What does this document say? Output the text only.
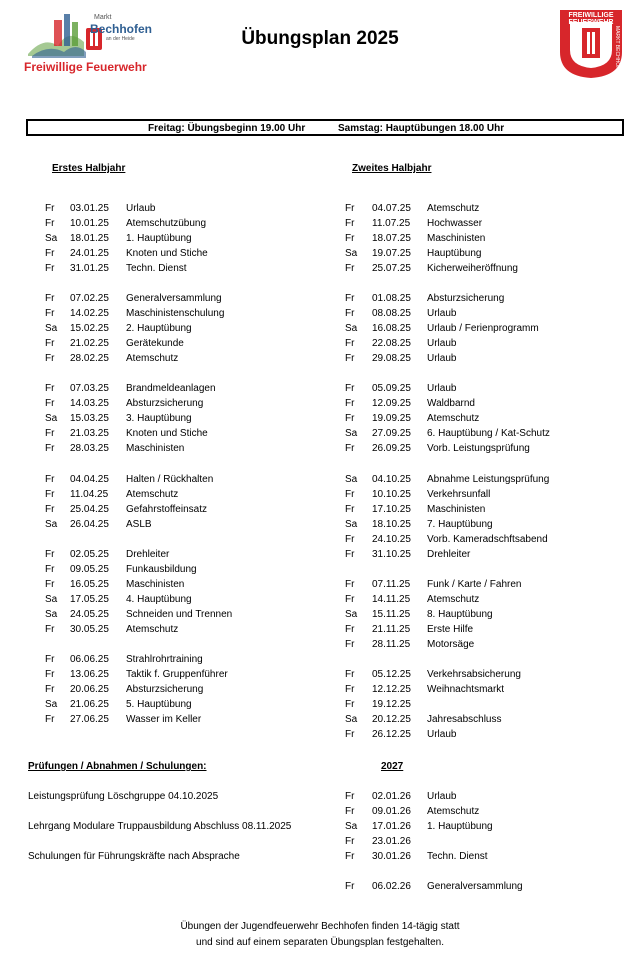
Markt
Bechhofen
an der Heide
Freiwillige Feuerwehr
Übungsplan 2025
FREIWILLIGE FEUERWEHR
MARKT BECHHOFEN
Freitag: Übungsbeginn 19.00 Uhr	Samstag: Hauptübungen 18.00 Uhr
Erstes Halbjahr	Zweites Halbjahr
Fr 03.01.25 Urlaub
Fr 10.01.25 Atemschutzübung
Sa 18.01.25 1. Hauptübung
Fr 24.01.25 Knoten und Stiche
Fr 31.01.25 Techn. Dienst
Fr 07.02.25 Generalversammlung
Fr 14.02.25 Maschinistenschulung
Sa 15.02.25 2. Hauptübung
Fr 21.02.25 Gerätekunde
Fr 28.02.25 Atemschutz
Fr 07.03.25 Brandmeldeanlagen
Fr 14.03.25 Absturzsicherung
Sa 15.03.25 3. Hauptübung
Fr 21.03.25 Knoten und Stiche
Fr 28.03.25 Maschinisten
Fr 04.04.25 Halten / Rückhalten
Fr 11.04.25 Atemschutz
Fr 25.04.25 Gefahrstoffeinsatz
Sa 26.04.25 ASLB
Fr 02.05.25 Drehleiter
Fr 09.05.25 Funkausbildung
Fr 16.05.25 Maschinisten
Sa 17.05.25 4. Hauptübung
Sa 24.05.25 Schneiden und Trennen
Fr 30.05.25 Atemschutz
Fr 06.06.25 Strahlrohrtraining
Fr 13.06.25 Taktik f. Gruppenführer
Fr 20.06.25 Absturzsicherung
Sa 21.06.25 5. Hauptübung
Fr 27.06.25 Wasser im Keller
Fr 04.07.25 Atemschutz
Fr 11.07.25 Hochwasser
Fr 18.07.25 Maschinisten
Sa 19.07.25 Hauptübung
Fr 25.07.25 Kicherweiheröffnung
Fr 01.08.25 Absturzsicherung
Fr 08.08.25 Urlaub
Sa 16.08.25 Urlaub / Ferienprogramm
Fr 22.08.25 Urlaub
Fr 29.08.25 Urlaub
Fr 05.09.25 Urlaub
Fr 12.09.25 Waldbarnd
Fr 19.09.25 Atemschutz
Sa 27.09.25 6. Hauptübung / Kat-Schutz
Fr 26.09.25 Vorb. Leistungsprüfung
Sa 04.10.25 Abnahme Leistungsprüfung
Fr 10.10.25 Verkehrsunfall
Fr 17.10.25 Maschinisten
Sa 18.10.25 7. Hauptübung
Fr 24.10.25 Vorb. Kameradschftsabend
Fr 31.10.25 Drehleiter
Fr 07.11.25 Funk / Karte / Fahren
Fr 14.11.25 Atemschutz
Sa 15.11.25 8. Hauptübung
Fr 21.11.25 Erste Hilfe
Fr 28.11.25 Motorsäge
Fr 05.12.25 Verkehrsabsicherung
Fr 12.12.25 Weihnachtsmarkt
Fr 19.12.25
Sa 20.12.25 Jahresabschluss
Fr 26.12.25 Urlaub
Prüfungen / Abnahmen / Schulungen:
Leistungsprüfung Löschgruppe 04.10.2025
Lehrgang Modulare Truppausbildung Abschluss 08.11.2025
Schulungen für Führungskräfte nach Absprache
2027
Fr 02.01.26 Urlaub
Fr 09.01.26 Atemschutz
Sa 17.01.26 1. Hauptübung
Fr 23.01.26
Fr 30.01.26 Techn. Dienst
Fr 06.02.26 Generalversammlung
Übungen der Jugendfeuerwehr Bechhofen finden 14-tägig statt
und sind auf einem separaten Übungsplan festgehalten.
